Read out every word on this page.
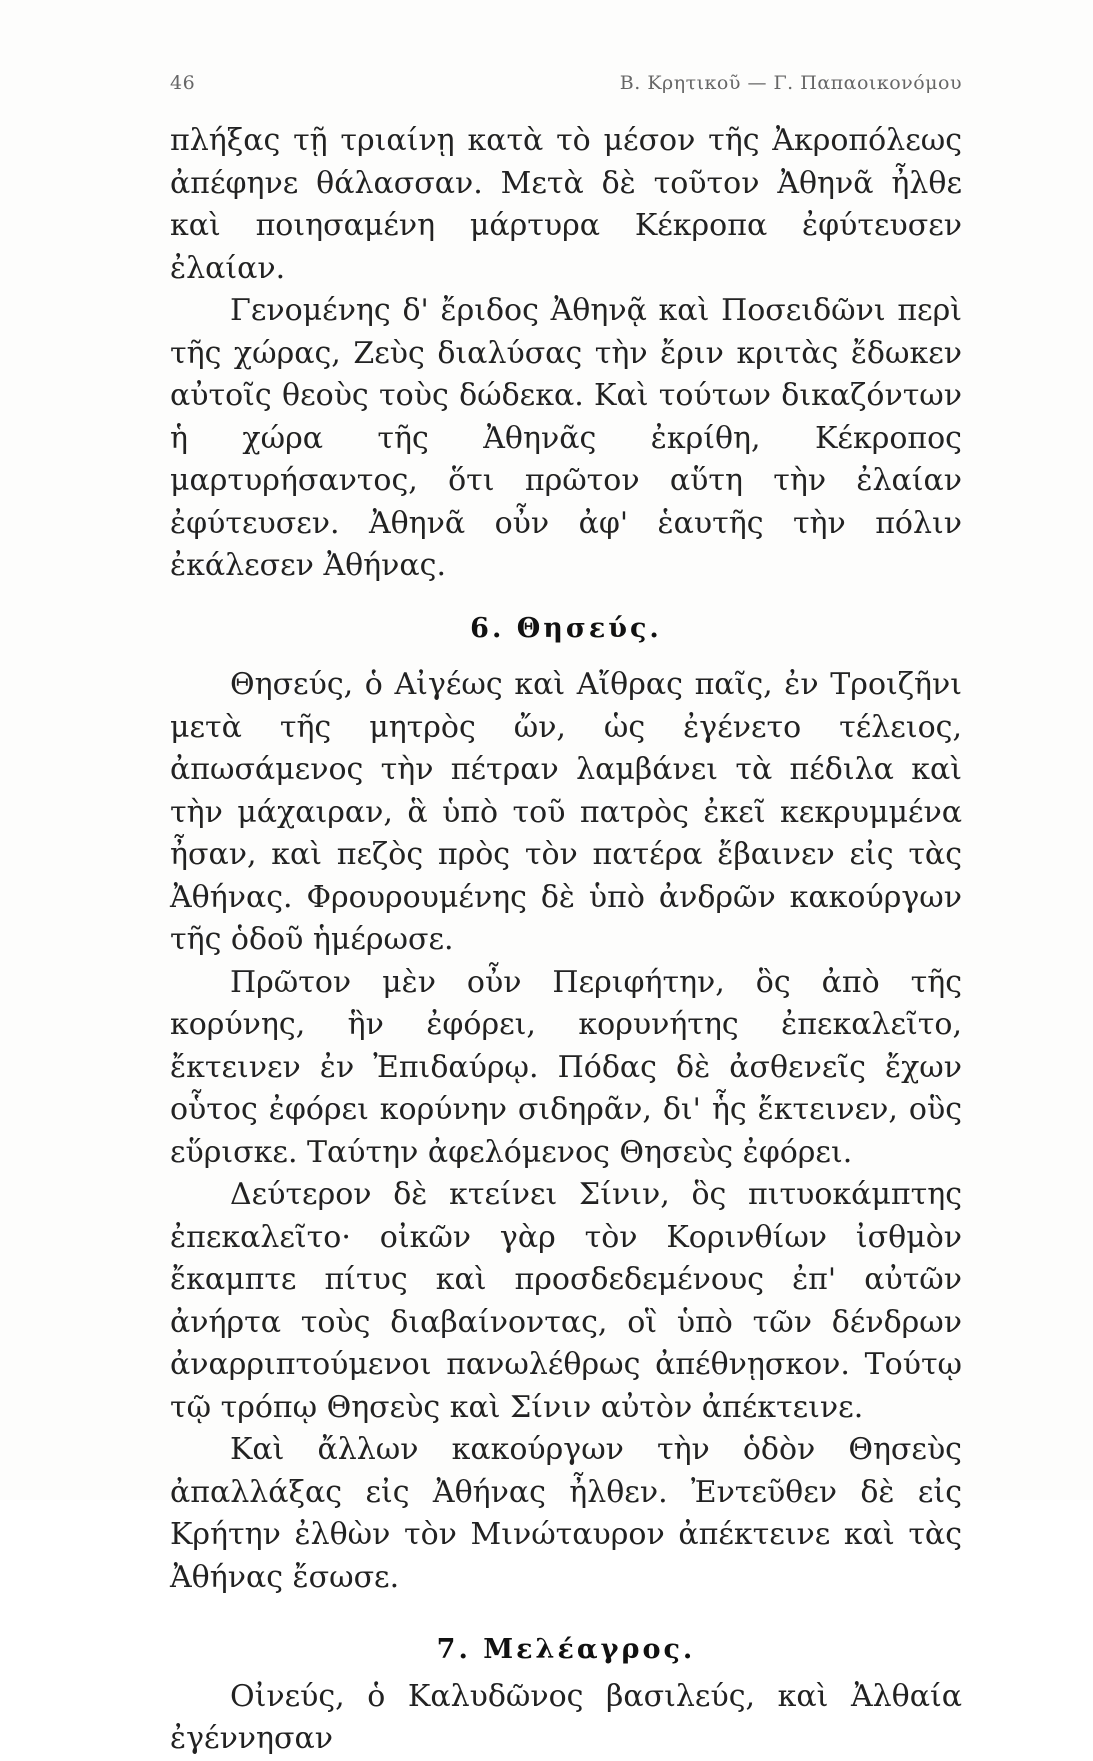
46	Β. Κρητικοῦ — Γ. Παπαοικονόμου

πλήξας τῇ τριαίνῃ κατὰ τὸ μέσον τῆς Ἀκροπόλεως ἀπέφηνε θάλασσαν. Μετὰ δὲ τοῦτον Ἀθηνᾶ ἦλθε καὶ ποιησαμένη μάρτυρα Κέκροπα ἐφύτευσεν ἐλαίαν.

Γενομένης δ' ἔριδος Ἀθηνᾷ καὶ Ποσειδῶνι περὶ τῆς χώρας, Ζεὺς διαλύσας τὴν ἔριν κριτὰς ἔδωκεν αὐτοῖς θεοὺς τοὺς δώδεκα. Καὶ τούτων δικαζόντων ἡ χώρα τῆς Ἀθηνᾶς ἐκρίθη, Κέκροπος μαρτυρήσαντος, ὅτι πρῶτον αὕτη τὴν ἐλαίαν ἐφύτευσεν. Ἀθηνᾶ οὖν ἀφ' ἑαυτῆς τὴν πόλιν ἐκάλεσεν Ἀθήνας.

6. Θησεύς.

Θησεύς, ὁ Αἰγέως καὶ Αἴθρας παῖς, ἐν Τροιζῆνι μετὰ τῆς μητρὸς ὤν, ὡς ἐγένετο τέλειος, ἀπωσάμενος τὴν πέτραν λαμβάνει τὰ πέδιλα καὶ τὴν μάχαιραν, ἃ ὑπὸ τοῦ πατρὸς ἐκεῖ κεκρυμμένα ἦσαν, καὶ πεζὸς πρὸς τὸν πατέρα ἔβαινεν εἰς τὰς Ἀθήνας. Φρουρουμένης δὲ ὑπὸ ἀνδρῶν κακούργων τῆς ὁδοῦ ἡμέρωσε.

Πρῶτον μὲν οὖν Περιφήτην, ὃς ἀπὸ τῆς κορύνης, ἣν ἐφόρει, κορυνήτης ἐπεκαλεῖτο, ἔκτεινεν ἐν Ἐπιδαύρῳ. Πόδας δὲ ἀσθενεῖς ἔχων οὗτος ἐφόρει κορύνην σιδηρᾶν, δι' ἧς ἔκτεινεν, οὓς εὕρισκε. Ταύτην ἀφελόμενος Θησεὺς ἐφόρει.

Δεύτερον δὲ κτείνει Σίνιν, ὃς πιτυοκάμπτης ἐπεκαλεῖτο· οἰκῶν γὰρ τὸν Κορινθίων ἰσθμὸν ἔκαμπτε πίτυς καὶ προσδεδεμένους ἐπ' αὐτῶν ἀνήρτα τοὺς διαβαίνοντας, οἳ ὑπὸ τῶν δένδρων ἀναρριπτούμενοι πανωλέθρως ἀπέθνῃσκον. Τούτῳ τῷ τρόπῳ Θησεὺς καὶ Σίνιν αὐτὸν ἀπέκτεινε.

Καὶ ἄλλων κακούργων τὴν ὁδὸν Θησεὺς ἀπαλλάξας εἰς Ἀθήνας ἦλθεν. Ἐντεῦθεν δὲ εἰς Κρήτην ἐλθὼν τὸν Μινώταυρον ἀπέκτεινε καὶ τὰς Ἀθήνας ἔσωσε.

7. Μελέαγρος.

Οἰνεύς, ὁ Καλυδῶνος βασιλεύς, καὶ Ἀλθαία ἐγέννησαν
